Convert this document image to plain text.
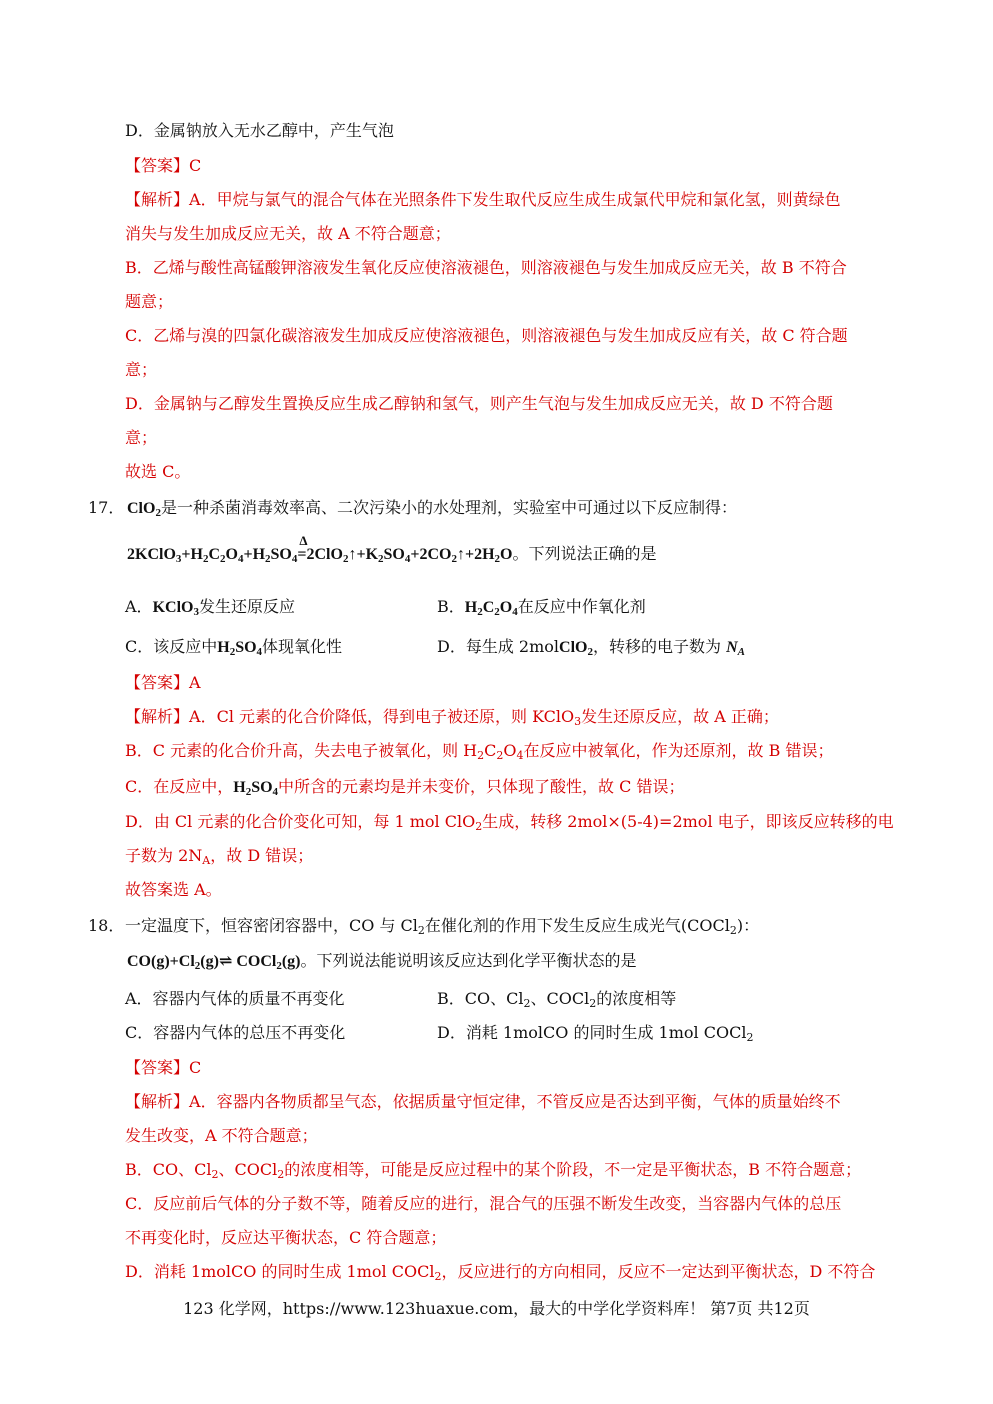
D．金属钠放入无水乙醇中，产生气泡
【答案】C
【解析】A．甲烷与氯气的混合气体在光照条件下发生取代反应生成生成氯代甲烷和氯化氢，则黄绿色
消失与发生加成反应无关，故 A 不符合题意；
B．乙烯与酸性高锰酸钾溶液发生氧化反应使溶液褪色，则溶液褪色与发生加成反应无关，故 B 不符合
题意；
C．乙烯与溴的四氯化碳溶液发生加成反应使溶液褪色，则溶液褪色与发生加成反应有关，故 C 符合题
意；
D．金属钠与乙醇发生置换反应生成乙醇钠和氢气，则产生气泡与发生加成反应无关，故 D 不符合题
意；
故选 C。
17． ClO$_2$是一种杀菌消毒效率高、二次污染小的水处理剂，实验室中可通过以下反应制得：
$2KClO_3+H_2C_2O_4+H_2SO_4$
Δ
$=2ClO_2↑+K_2SO_4+2CO_2↑+2H_2O$。下列说法正确的是
A．KClO$_3$发生还原反应	B．$H_2C_2O_4$在反应中作氧化剂
C．该反应中$H_2SO_4$体现氧化性	D．每生成 2molClO$_2$，转移的电子数为 $N_A$
【答案】A
【解析】A．Cl 元素的化合价降低，得到电子被还原，则 KClO$_3$发生还原反应，故 A 正确；
B．C 元素的化合价升高，失去电子被氧化，则 $H_2C_2O_4$在反应中被氧化，作为还原剂，故 B 错误；
C．在反应中，$H_2SO_4$中所含的元素均是并未变价，只体现了酸性，故 C 错误；
D．由 Cl 元素的化合价变化可知，每 1 mol ClO$_2$生成，转移 2mol×(5-4)=2mol 电子，即该反应转移的电
子数为 $2N_A$，故 D 错误；
故答案选 A。
18． 一定温度下，恒容密闭容器中，CO 与 $Cl_2$在催化剂的作用下发生反应生成光气(COCl$_2$)：
$CO(g)+Cl_2(g)\rightleftharpoons$ COCl$_2$(g)。下列说法能说明该反应达到化学平衡状态的是
A．容器内气体的质量不再变化	B．CO、$Cl_2$、COCl$_2$的浓度相等
C．容器内气体的总压不再变化	D．消耗 1molCO 的同时生成 1mol COCl$_2$
【答案】C
【解析】A．容器内各物质都呈气态，依据质量守恒定律，不管反应是否达到平衡，气体的质量始终不
发生改变，A 不符合题意；
B．CO、$Cl_2$、COCl$_2$的浓度相等，可能是反应过程中的某个阶段，不一定是平衡状态，B 不符合题意；
C．反应前后气体的分子数不等，随着反应的进行，混合气的压强不断发生改变，当容器内气体的总压
不再变化时，反应达平衡状态，C 符合题意；
D．消耗 1molCO 的同时生成 1mol COCl$_2$，反应进行的方向相同，反应不一定达到平衡状态，D 不符合
123 化学网，https://www.123huaxue.com，最大的中学化学资料库！ 第7页 共12页
